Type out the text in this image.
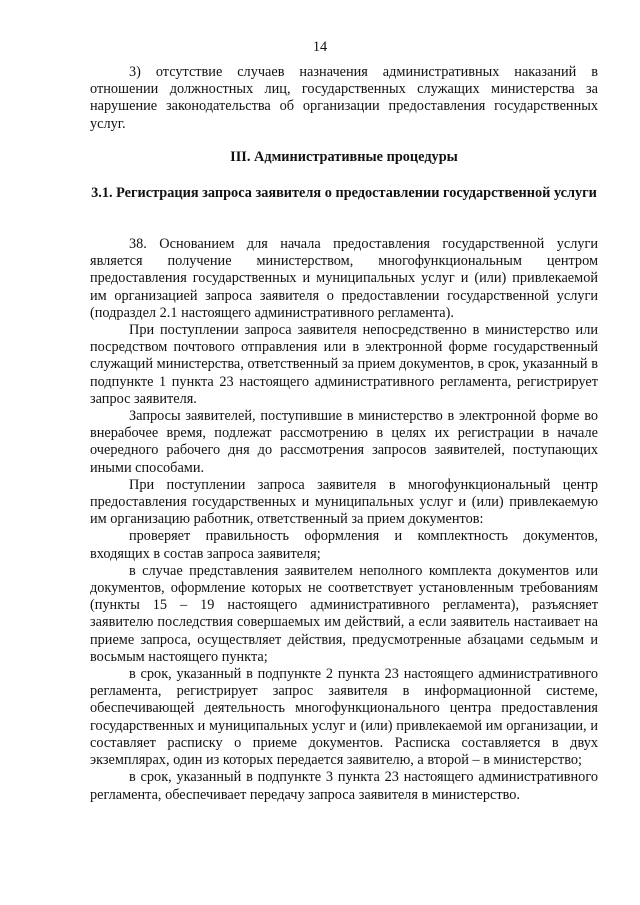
14

3) отсутствие случаев назначения административных наказаний в отношении должностных лиц, государственных служащих министерства за нарушение законодательства об организации предоставления государственных услуг.

III. Административные процедуры

3.1. Регистрация запроса заявителя о предоставлении государственной услуги

38. Основанием для начала предоставления государственной услуги является получение министерством, многофункциональным центром предоставления государственных и муниципальных услуг и (или) привлекаемой им организацией запроса заявителя о предоставлении государственной услуги (подраздел 2.1 настоящего административного регламента).

При поступлении запроса заявителя непосредственно в министерство или посредством почтового отправления или в электронной форме государственный служащий министерства, ответственный за прием документов, в срок, указанный в подпункте 1 пункта 23 настоящего административного регламента, регистрирует запрос заявителя.

Запросы заявителей, поступившие в министерство в электронной форме во внерабочее время, подлежат рассмотрению в целях их регистрации в начале очередного рабочего дня до рассмотрения запросов заявителей, поступающих иными способами.

При поступлении запроса заявителя в многофункциональный центр предоставления государственных и муниципальных услуг и (или) привлекаемую им организацию работник, ответственный за прием документов:

проверяет правильность оформления и комплектность документов, входящих в состав запроса заявителя;

в случае представления заявителем неполного комплекта документов или документов, оформление которых не соответствует установленным требованиям (пункты 15 – 19 настоящего административного регламента), разъясняет заявителю последствия совершаемых им действий, а если заявитель настаивает на приеме запроса, осуществляет действия, предусмотренные абзацами седьмым и восьмым настоящего пункта;

в срок, указанный в подпункте 2 пункта 23 настоящего административного регламента, регистрирует запрос заявителя в информационной системе, обеспечивающей деятельность многофункционального центра предоставления государственных и муниципальных услуг и (или) привлекаемой им организации, и составляет расписку о приеме документов. Расписка составляется в двух экземплярах, один из которых передается заявителю, а второй – в министерство;

в срок, указанный в подпункте 3 пункта 23 настоящего административного регламента, обеспечивает передачу запроса заявителя в министерство.
